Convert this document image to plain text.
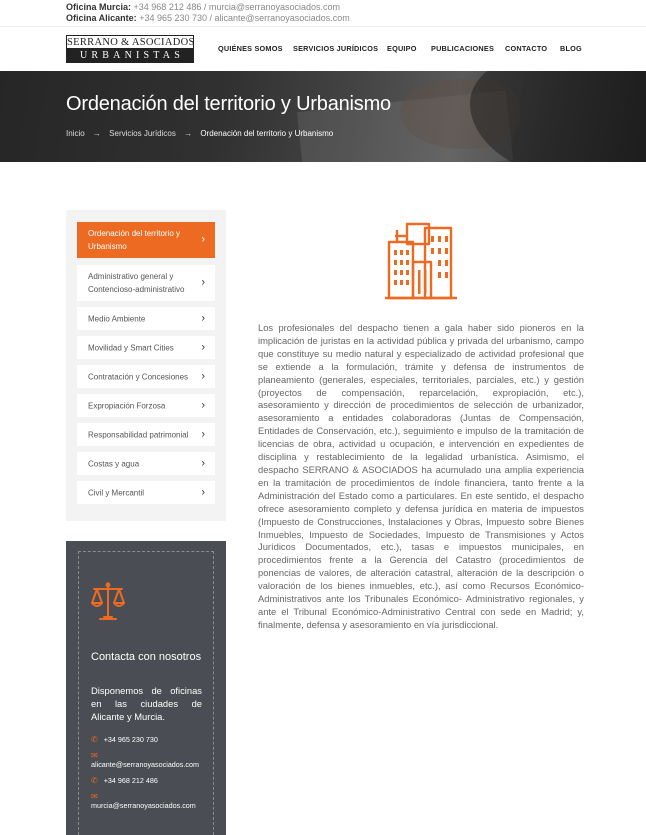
Oficina Murcia: +34 968 212 486 / murcia@serranoyasociados.com
Oficina Alicante: +34 965 230 730 / alicante@serranoyasociados.com
SERRANO & ASOCIADOS
URBANISTAS
QUIÉNES SOMOS SERVICIOS JURÍDICOS EQUIPO PUBLICACIONES CONTACTO BLOG
Ordenación del territorio y Urbanismo
Inicio → Servicios Jurídicos → Ordenación del territorio y Urbanismo
Ordenación del territorio y Urbanismo
›
Administrativo general y Contencioso-administrativo
›
Medio Ambiente	›
Movilidad y Smart Cities	›
Contratación y Concesiones	›
Expropiación Forzosa	›
Responsabilidad patrimonial	›
Costas y agua	›
Civil y Mercantil	›
Contacta con nosotros

Disponemos de oficinas en las ciudades de Alicante y Murcia.

✆ +34 965 230 730
✉
alicante@serranoyasociados.com
✆ +34 968 212 486
✉
murcia@serranoyasociados.com

Los profesionales del despacho tienen a gala haber sido pioneros en la implicación de juristas en la actividad pública y privada del urbanismo, campo que constituye su medio natural y especializado de actividad profesional que se extiende a la formulación, trámite y defensa de instrumentos de planeamiento (generales, especiales, territoriales, parciales, etc.) y gestión (proyectos de compensación, reparcelación, expropiación, etc.), asesoramiento y dirección de procedimientos de selección de urbanizador, asesoramiento a entidades colaboradoras (Juntas de Compensación, Entidades de Conservación, etc.), seguimiento e impulso de la tramitación de licencias de obra, actividad u ocupación, e intervención en expedientes de disciplina y restablecimiento de la legalidad urbanística. Asimismo, el despacho SERRANO & ASOCIADOS ha acumulado una amplia experiencia en la tramitación de procedimientos de índole financiera, tanto frente a la Administración del Estado como a particulares. En este sentido, el despacho ofrece asesoramiento completo y defensa jurídica en materia de impuestos (Impuesto de Construcciones, Instalaciones y Obras, Impuesto sobre Bienes Inmuebles, Impuesto de Sociedades, Impuesto de Transmisiones y Actos Jurídicos Documentados, etc.), tasas e impuestos municipales, en procedimientos frente a la Gerencia del Catastro (procedimientos de ponencias de valores, de alteración catastral, alteración de la descripción o valoración de los bienes inmuebles, etc.), así como Recursos Económico-Administrativos ante los Tribunales Económico- Administrativo regionales, y ante el Tribunal Económico-Administrativo Central con sede en Madrid; y, finalmente, defensa y asesoramiento en vía jurisdiccional.
